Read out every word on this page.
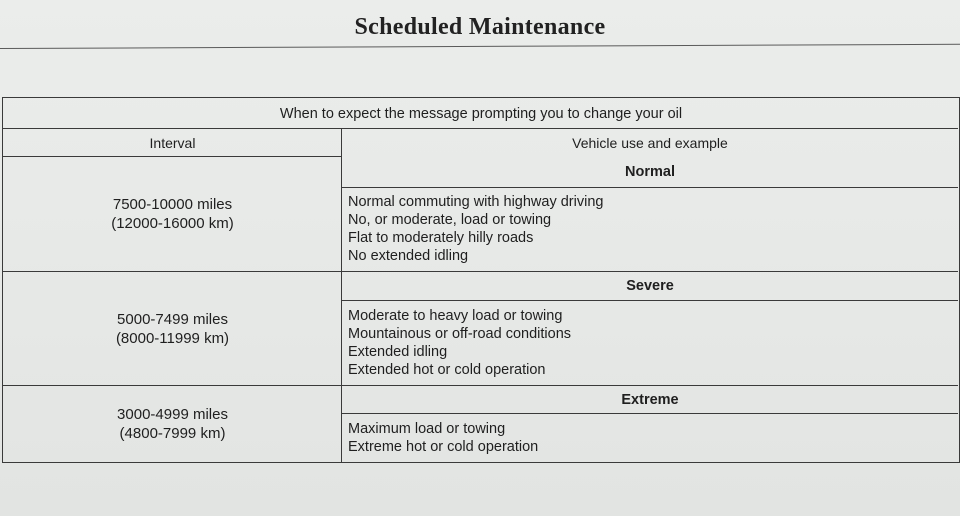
Scheduled Maintenance
When to expect the message prompting you to change your oil
Interval	Vehicle use and example
7500-10000 miles
(12000-16000 km)
Normal
Normal commuting with highway driving
No, or moderate, load or towing
Flat to moderately hilly roads
No extended idling
5000-7499 miles
(8000-11999 km)
Severe
Moderate to heavy load or towing
Mountainous or off-road conditions
Extended idling
Extended hot or cold operation
3000-4999 miles
(4800-7999 km)
Extreme
Maximum load or towing
Extreme hot or cold operation
